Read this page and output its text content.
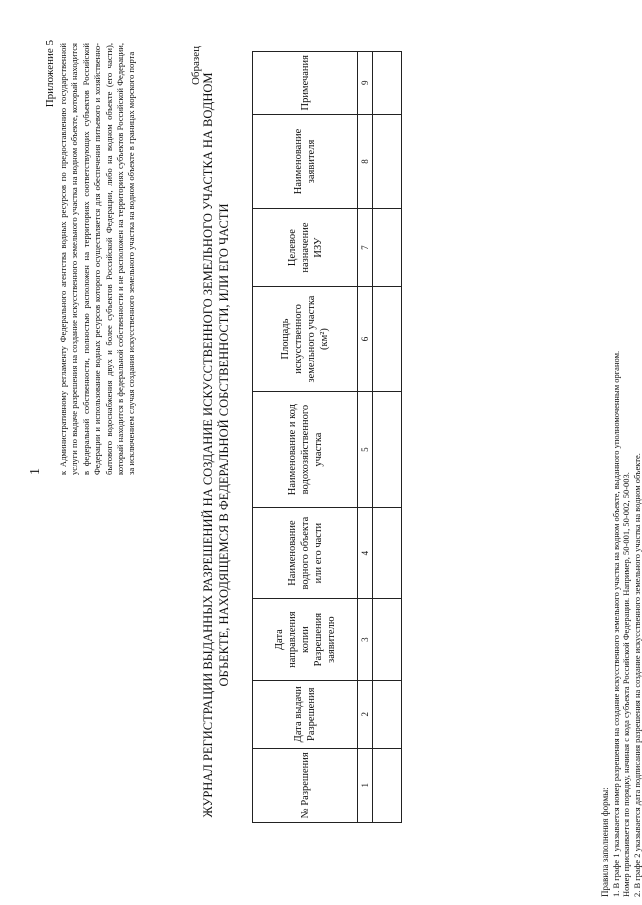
1
Приложение 5 к Административному регламенту Федерального агентства водных ресурсов по предоставлению государственной услуги по выдаче разрешения на создание искусственного земельного участка на водном объекте, который находится в федеральной собственности, полностью расположен на территориях соответствующих субъектов Российской Федерации и использование водных ресурсов которого осуществляется для обеспечения питьевого и хозяйственно-бытового водоснабжения двух и более субъектов Российской Федерации, либо на водном объекте (его части), который находится в федеральной собственности и не расположен на территориях субъектов Российской Федерации, за исключением случая создания искусственного земельного участка на водном объекте в границах морского порта	Образец
ЖУРНАЛ РЕГИСТРАЦИИ ВЫДАННЫХ РАЗРЕШЕНИЙ НА СОЗДАНИЕ ИСКУССТВЕННОГО ЗЕМЕЛЬНОГО УЧАСТКА НА ВОДНОМ ОБЪЕКТЕ, НАХОДЯЩЕМСЯ В ФЕДЕРАЛЬНОЙ СОБСТВЕННОСТИ, ИЛИ ЕГО ЧАСТИ
№ Разрешения	Дата выдачи Разрешения	Дата направления копии Разрешения заявителю	Наименование водного объекта или его части	Наименование и код водохозяйственного участка	Площадь искусственного земельного участка (км²)	Целевое назначение ИЗУ	Наименование заявителя	Примечания
1	2	3	4	5	6	7	8	9

Правила заполнения формы: 1. В графе 1 указывается номер разрешения на создание искусственного земельного участка на водном объекте, выданного уполномоченным органом. Номер присваивается по порядку, начиная с кода субъекта Российской Федерации. Например, 50-001, 50-002, 50-003. 2. В графе 2 указывается дата подписания разрешения на создание искусственного земельного участка на водном объекте.
